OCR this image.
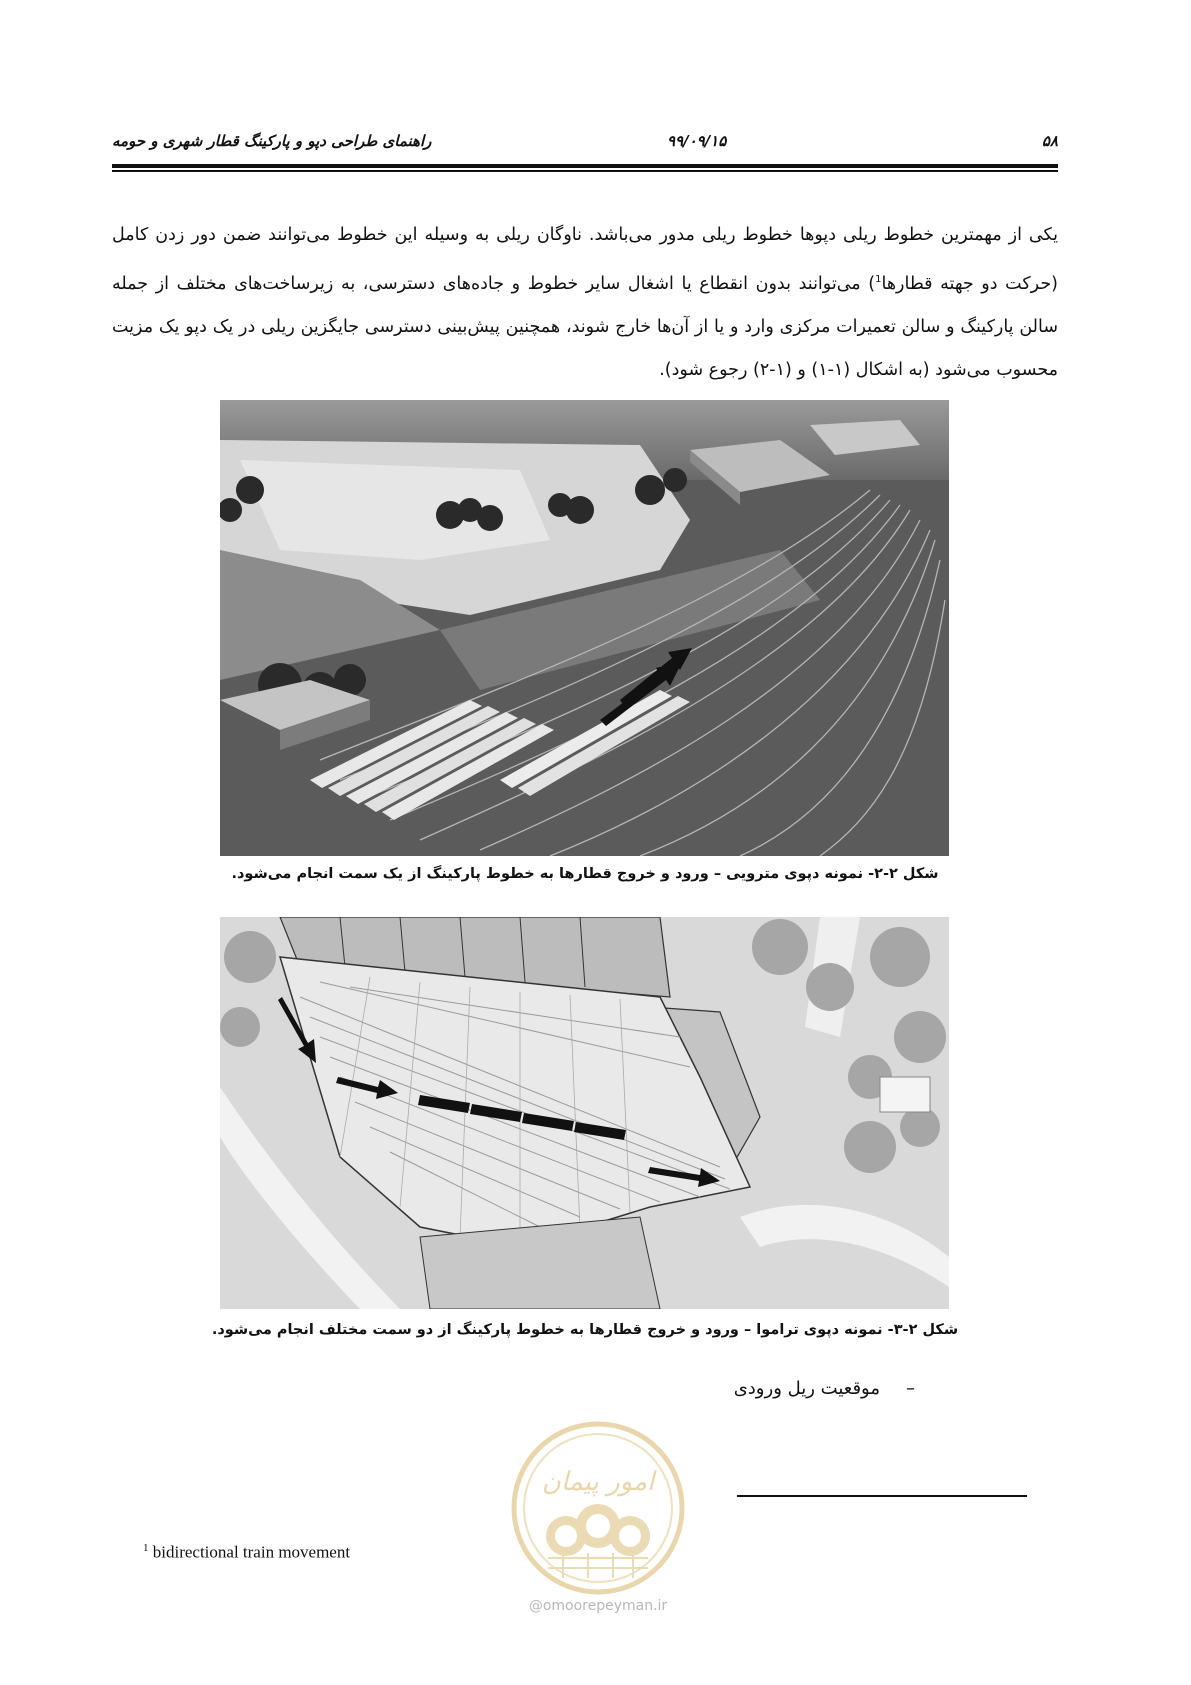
۵۸
۹۹/۰۹/۱۵
راهنمای طراحی دپو و پارکینگ قطار شهری و حومه

یکی از مهمترین خطوط ریلی دپوها خطوط ریلی مدور می‌باشد. ناوگان ریلی به وسیله این خطوط می‌توانند ضمن دور زدن کامل (حرکت دو جهته قطارها$^1$) می‌توانند بدون انقطاع یا اشغال سایر خطوط و جاده‌های دسترسی، به زیرساخت‌های مختلف از جمله سالن پارکینگ و سالن تعمیرات مرکزی وارد و یا از آن‌ها خارج شوند، همچنین پیش‌بینی دسترسی جایگزین ریلی در یک دپو یک مزیت محسوب می‌شود (به اشکال (۱-۱) و (۱-۲) رجوع شود).

شکل ۲-۲- نمونه دپوی مترویی – ورود و خروج قطارها به خطوط پارکینگ از یک سمت انجام می‌شود.
شکل ۲-۳- نمونه دپوی تراموا – ورود و خروج قطارها به خطوط پارکینگ از دو سمت مختلف انجام می‌شود.
–موقعیت ریل ورودی
$^1$ bidirectional train movement
امور پیمان
@omoorepeyman.ir
